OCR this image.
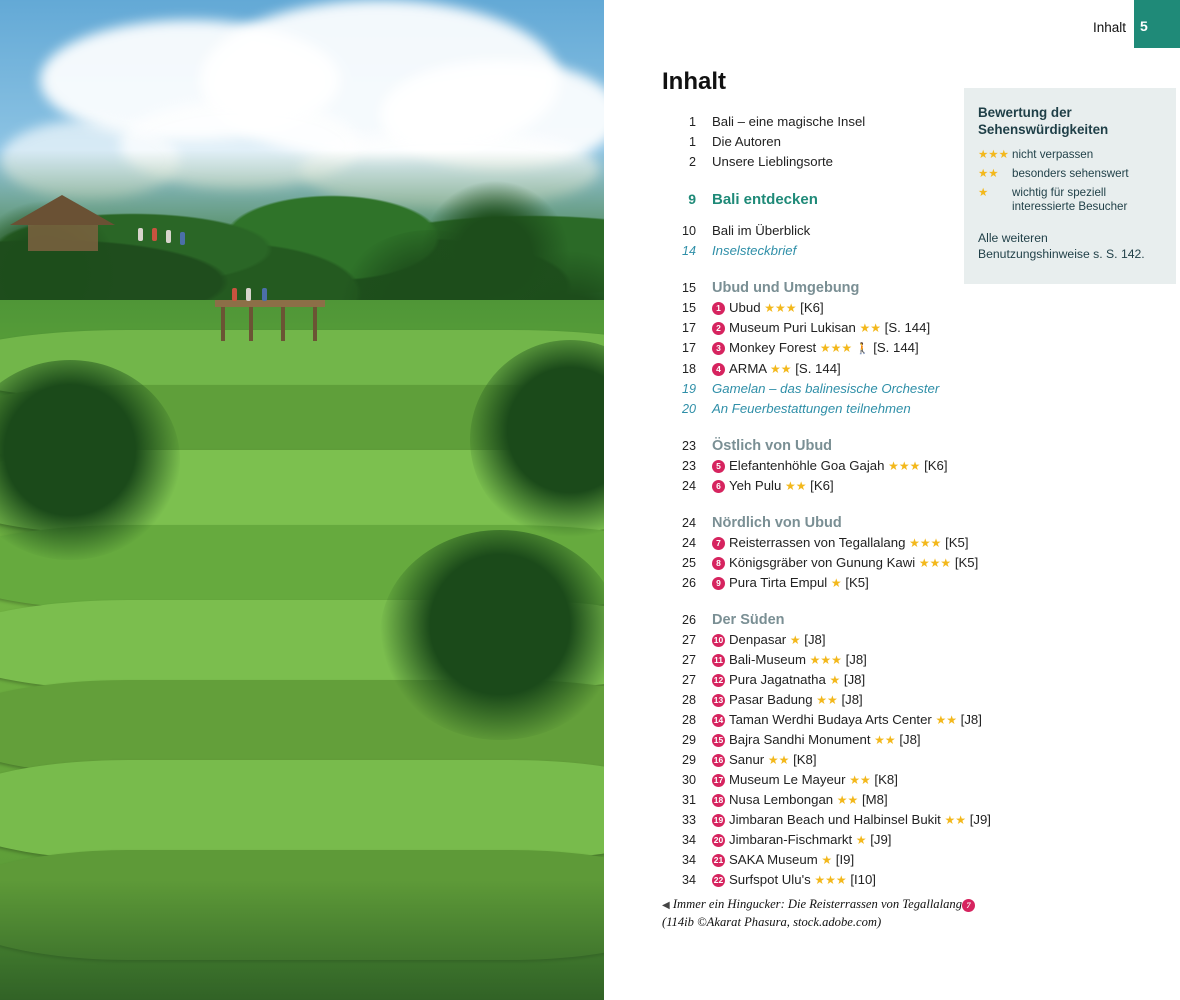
Inhalt	5
Inhalt
1	Bali – eine magische Insel
1	Die Autoren
2	Unsere Lieblingsorte
9	Bali entdecken
10	Bali im Überblick
14	Inselsteckbrief
15	Ubud und Umgebung
15	1 Ubud ★★★ [K6]
17	2 Museum Puri Lukisan ★★ [S. 144]
17	3 Monkey Forest ★★★ 🚶 [S. 144]
18	4 ARMA ★★ [S. 144]
19	Gamelan – das balinesische Orchester
20	An Feuerbestattungen teilnehmen
23	Östlich von Ubud
23	5 Elefantenhöhle Goa Gajah ★★★ [K6]
24	6 Yeh Pulu ★★ [K6]
24	Nördlich von Ubud
24	7 Reisterrassen von Tegallalang ★★★ [K5]
25	8 Königsgräber von Gunung Kawi ★★★ [K5]
26	9 Pura Tirta Empul ★ [K5]
26	Der Süden
27	10 Denpasar ★ [J8]
27	11 Bali-Museum ★★★ [J8]
27	12 Pura Jagatnatha ★ [J8]
28	13 Pasar Badung ★★ [J8]
28	14 Taman Werdhi Budaya Arts Center ★★ [J8]
29	15 Bajra Sandhi Monument ★★ [J8]
29	16 Sanur ★★ [K8]
30	17 Museum Le Mayeur ★★ [K8]
31	18 Nusa Lembongan ★★ [M8]
33	19 Jimbaran Beach und Halbinsel Bukit ★★ [J9]
34	20 Jimbaran-Fischmarkt ★ [J9]
34	21 SAKA Museum ★ [I9]
34	22 Surfspot Ulu's ★★★ [I10]
Bewertung der Sehenswürdigkeiten
★★★ nicht verpassen
★★	besonders sehenswert
★	wichtig für speziell interessierte Besucher

Alle weiteren Benutzungshinweise s. S. 142.

◀ Immer ein Hingucker: Die Reisterrassen von Tegallalang 7
(114ib ©Akarat Phasura, stock.adobe.com)
